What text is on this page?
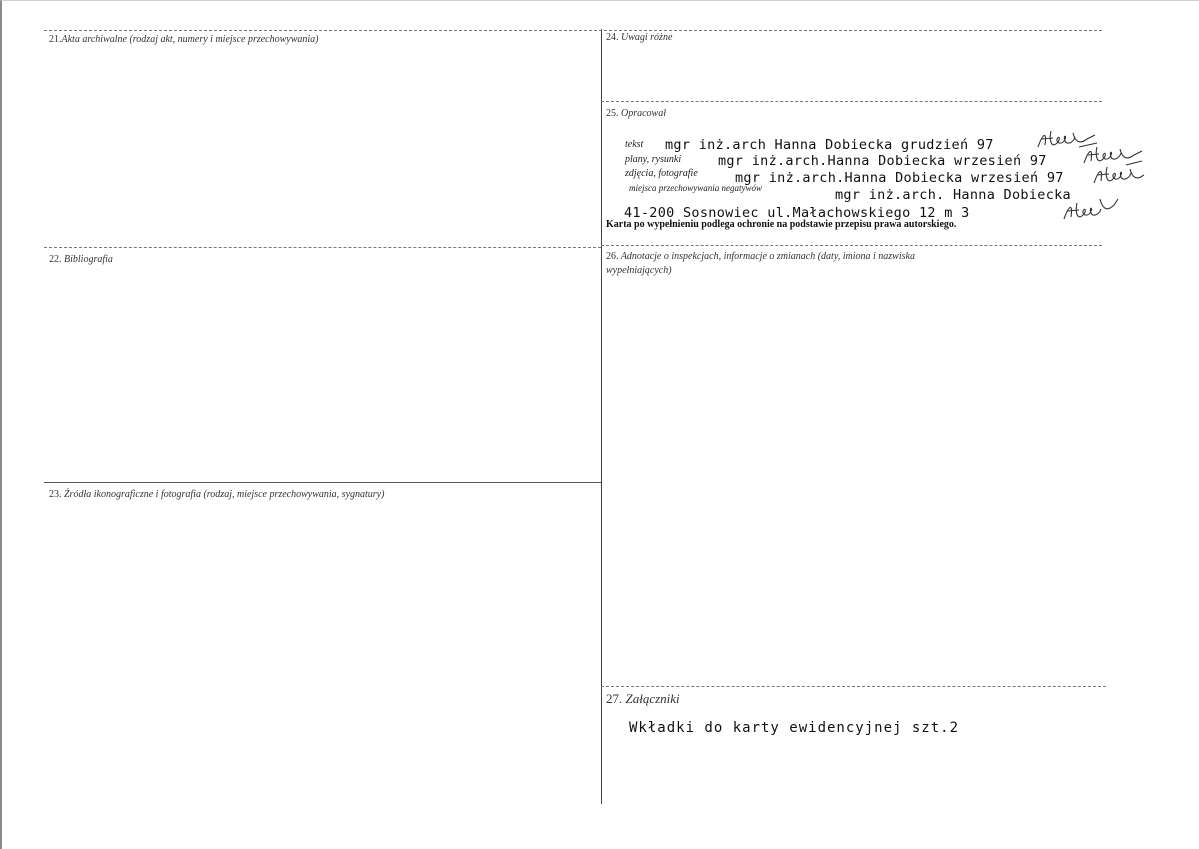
21.Akta archiwalne (rodzaj akt, numery i miejsce przechowywania)
22. Bibliografia
23. Źródła ikonograficzne i fotografia (rodzaj, miejsce przechowywania, sygnatury)
24. Uwagi różne
25. Opracował
tekst mgr inż.arch Hanna Dobiecka grudzień 97
plany, rysunki	mgr inż.arch.Hanna Dobiecka wrzesień 97
zdjęcia, fotografie	mgr inż.arch.Hanna Dobiecka wrzesień 97
miejsca przechowywania negatywów	mgr inż.arch. Hanna Dobiecka
41-200 Sosnowiec ul.Małachowskiego 12 m 3
Karta po wypełnieniu podlega ochronie na podstawie przepisu prawa autorskiego.
26. Adnotacje o inspekcjach, informacje o zmianach (daty, imiona i nazwiska
wypełniających)
27. Załączniki
Wkładki do karty ewidencyjnej szt.2
